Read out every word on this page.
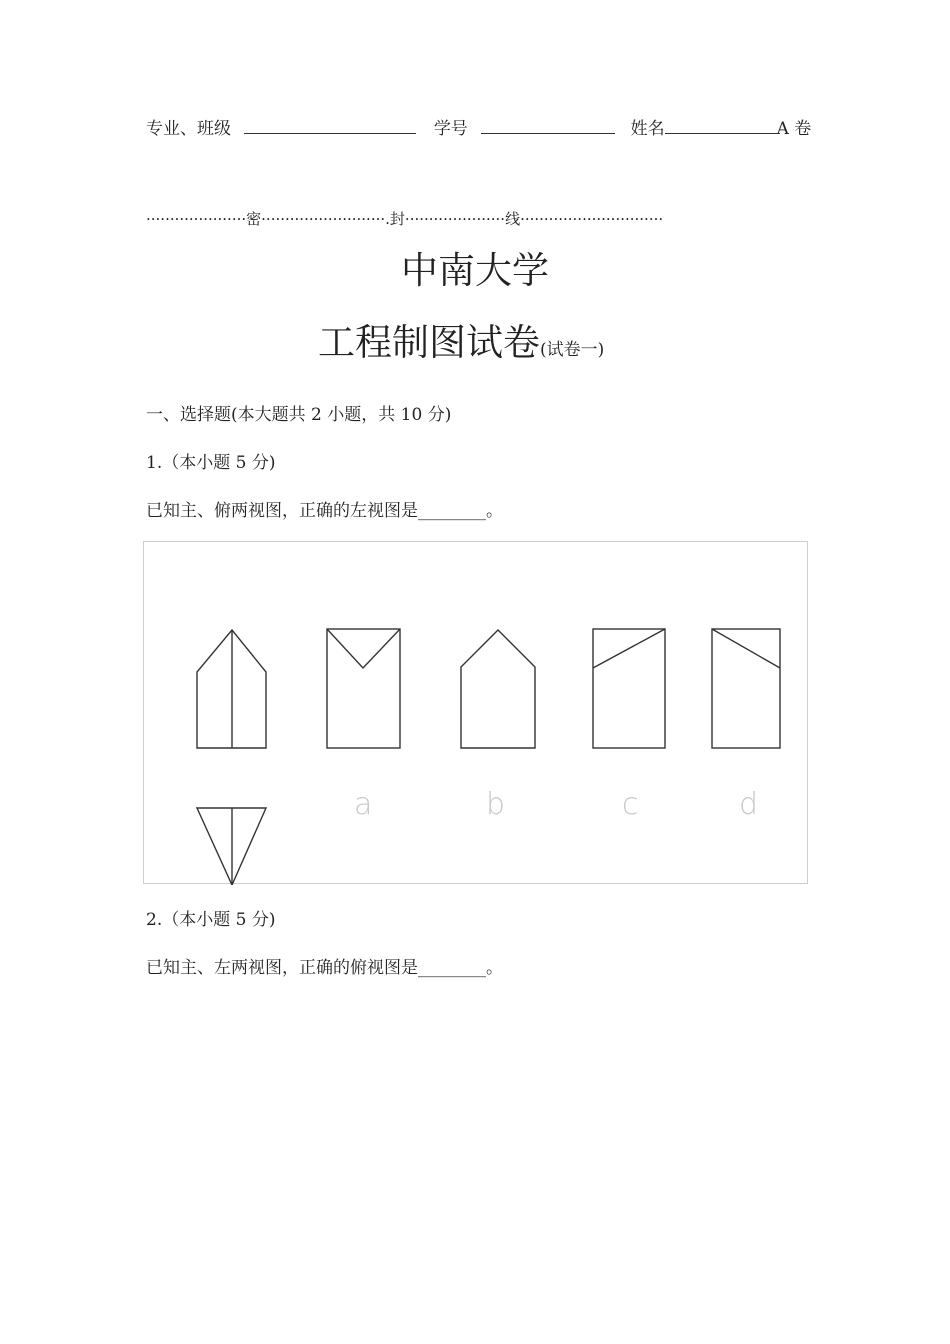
专业、班级	学号	姓名	A 卷
·····················密··························.封·····················线······························
中南大学
工程制图试卷(试卷一)
一、选择题(本大题共 2 小题，共 10 分)
1.（本小题 5 分)
已知主、俯两视图，正确的左视图是________。
a	b	c	d
2.（本小题 5 分)
已知主、左两视图，正确的俯视图是________。
